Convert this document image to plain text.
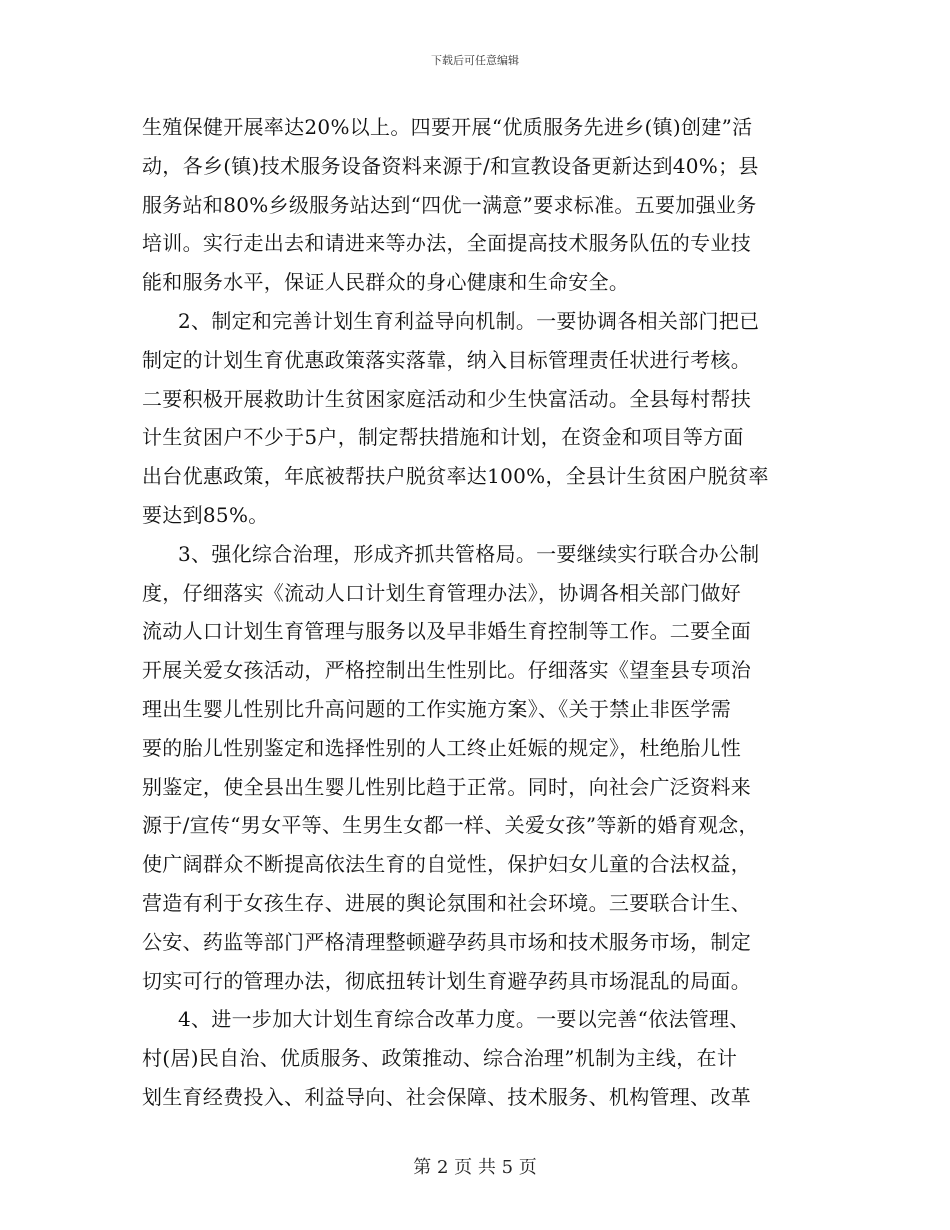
下载后可任意编辑
生殖保健开展率达20%以上。四要开展“优质服务先进乡(镇)创建”活
动，各乡(镇)技术服务设备资料来源于/和宣教设备更新达到40%；县
服务站和80%乡级服务站达到“四优一满意”要求标准。五要加强业务
培训。实行走出去和请进来等办法，全面提高技术服务队伍的专业技
能和服务水平，保证人民群众的身心健康和生命安全。
2、制定和完善计划生育利益导向机制。一要协调各相关部门把已
制定的计划生育优惠政策落实落靠，纳入目标管理责任状进行考核。
二要积极开展救助计生贫困家庭活动和少生快富活动。全县每村帮扶
计生贫困户不少于5户，制定帮扶措施和计划，在资金和项目等方面
出台优惠政策，年底被帮扶户脱贫率达100%，全县计生贫困户脱贫率
要达到85%。
3、强化综合治理，形成齐抓共管格局。一要继续实行联合办公制
度，仔细落实《流动人口计划生育管理办法》，协调各相关部门做好
流动人口计划生育管理与服务以及早非婚生育控制等工作。二要全面
开展关爱女孩活动，严格控制出生性别比。仔细落实《望奎县专项治
理出生婴儿性别比升高问题的工作实施方案》、《关于禁止非医学需
要的胎儿性别鉴定和选择性别的人工终止妊娠的规定》，杜绝胎儿性
别鉴定，使全县出生婴儿性别比趋于正常。同时，向社会广泛资料来
源于/宣传“男女平等、生男生女都一样、关爱女孩”等新的婚育观念，
使广阔群众不断提高依法生育的自觉性，保护妇女儿童的合法权益，
营造有利于女孩生存、进展的舆论氛围和社会环境。三要联合计生、
公安、药监等部门严格清理整顿避孕药具市场和技术服务市场，制定
切实可行的管理办法，彻底扭转计划生育避孕药具市场混乱的局面。
4、进一步加大计划生育综合改革力度。一要以完善“依法管理、
村(居)民自治、优质服务、政策推动、综合治理”机制为主线，在计
划生育经费投入、利益导向、社会保障、技术服务、机构管理、改革
第 2 页 共 5 页
